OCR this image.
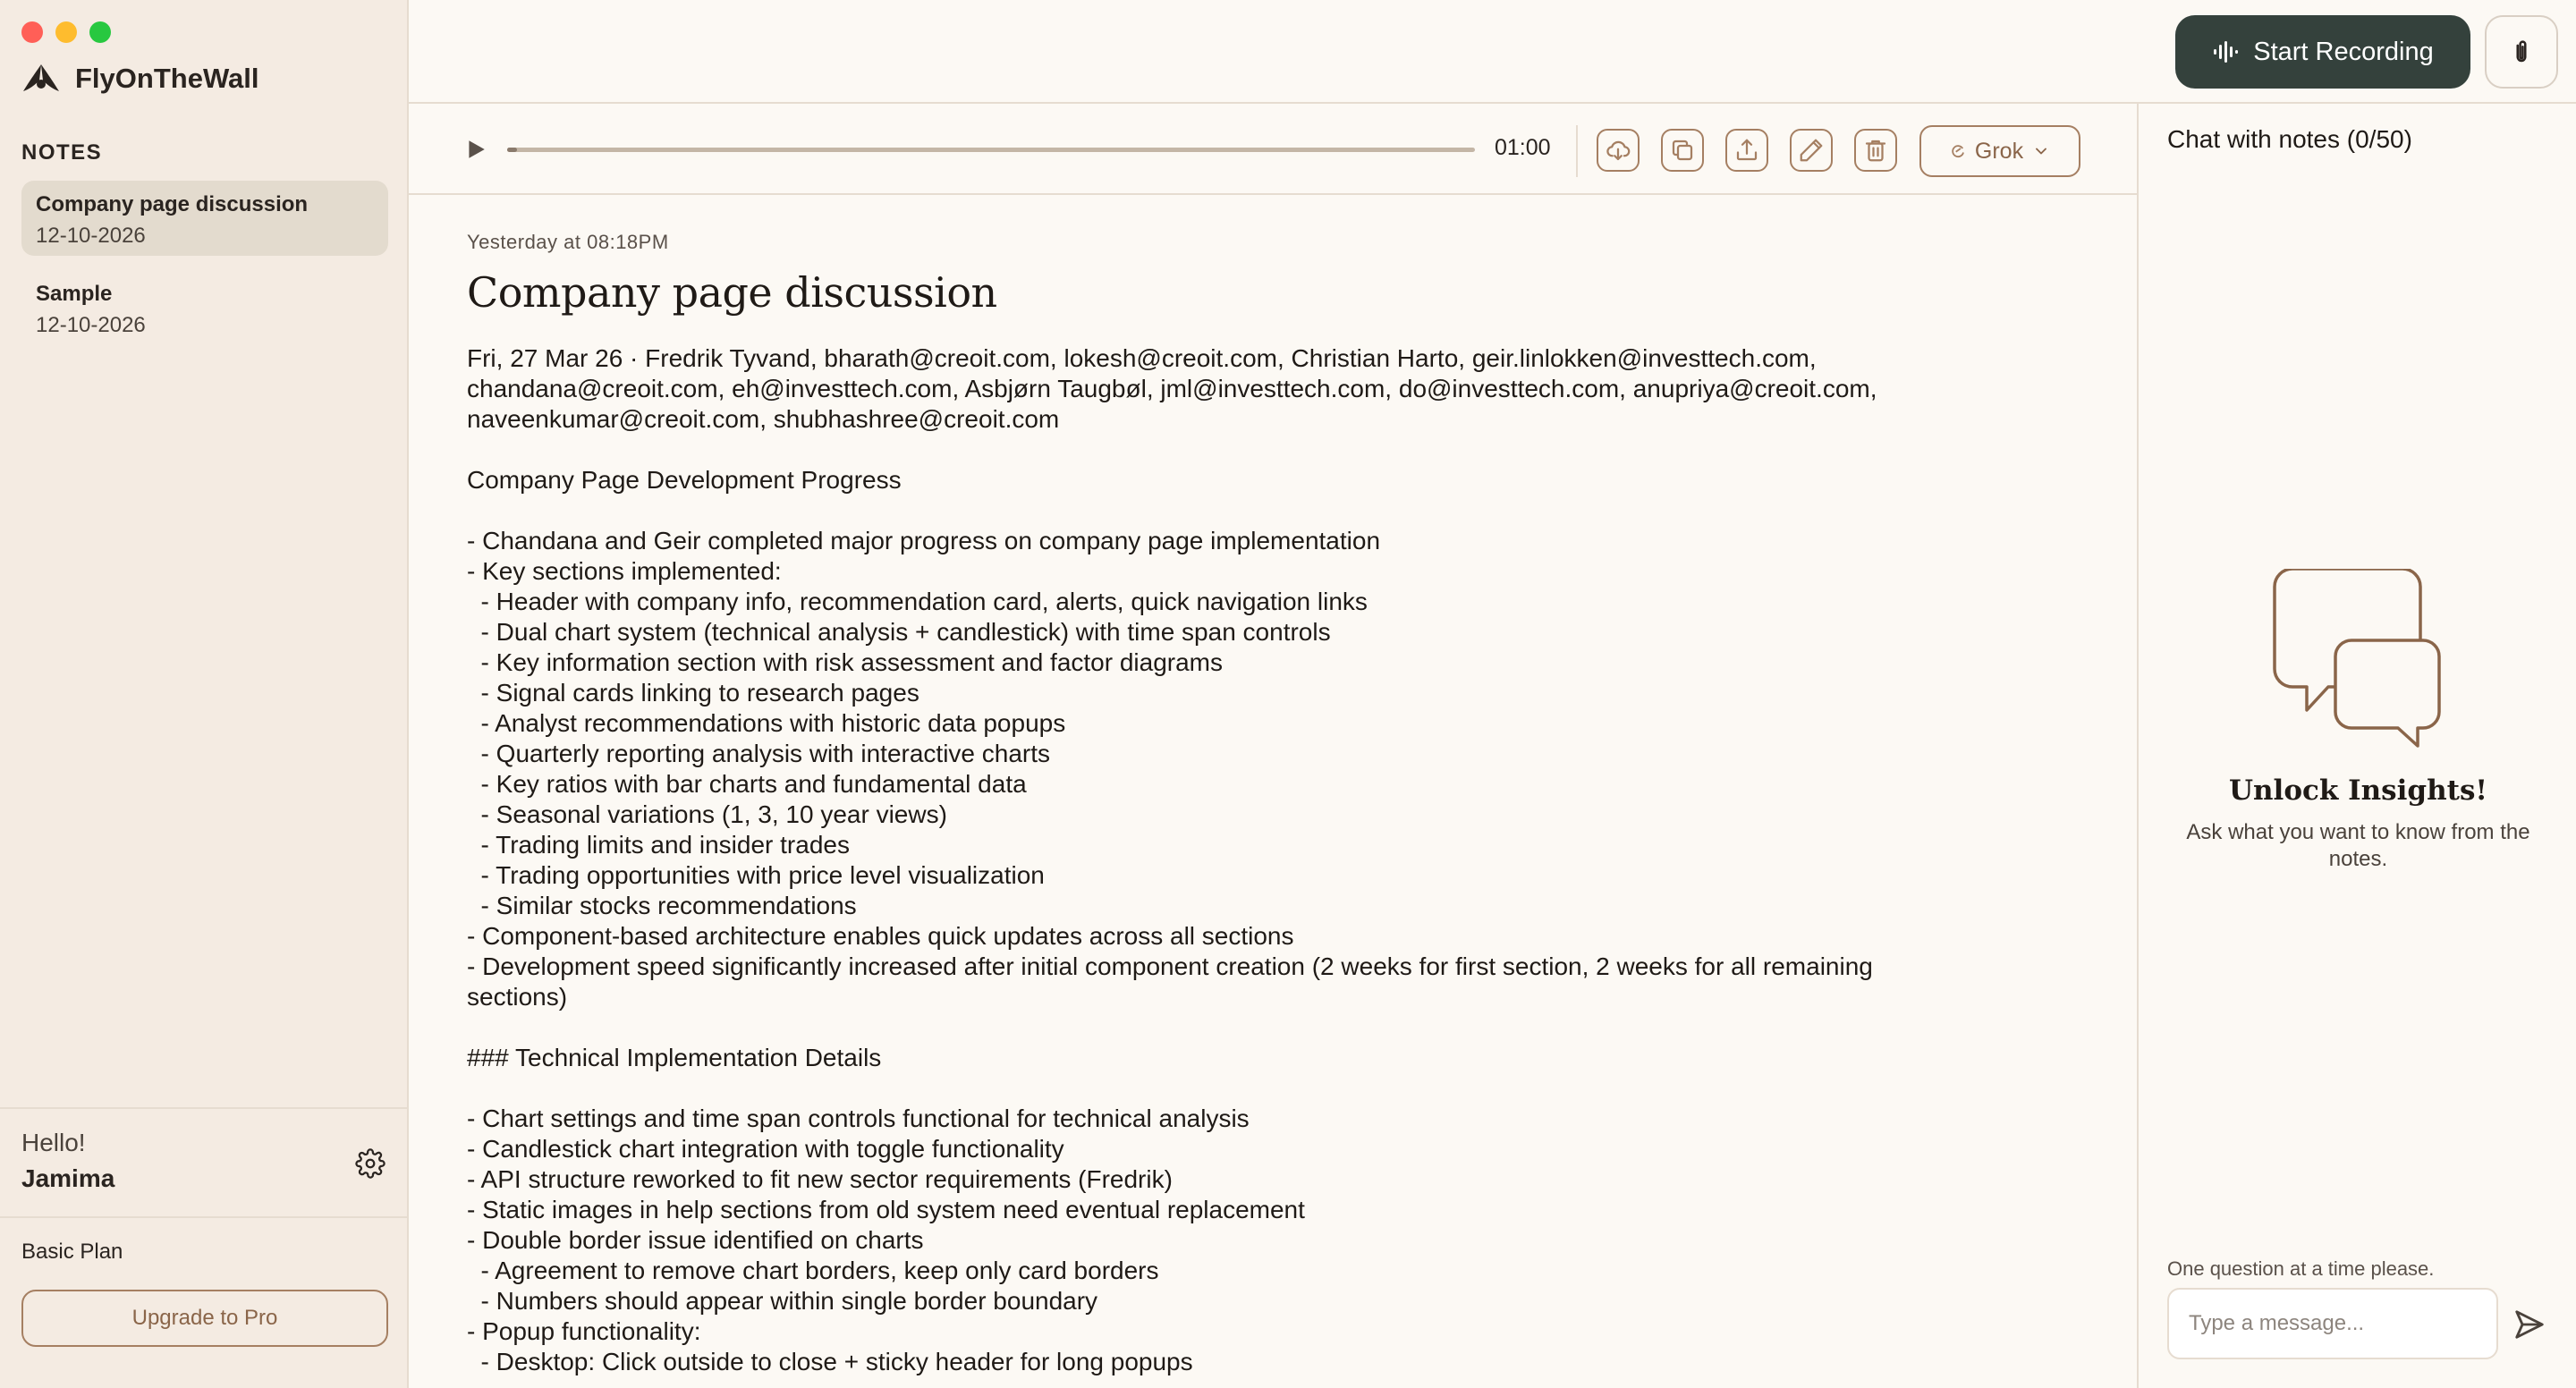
FlyOnTheWall
NOTES
Company page discussion
12-10-2026
Sample
12-10-2026
Hello!
Jamima
Basic Plan
Upgrade to Pro
Start Recording
01:00	Grok
Yesterday at 08:18PM
Company page discussion
Fri, 27 Mar 26 · Fredrik Tyvand, bharath@creoit.com, lokesh@creoit.com, Christian Harto, geir.linlokken@investtech.com,
chandana@creoit.com, eh@investtech.com, Asbjørn Taugbøl, jml@investtech.com, do@investtech.com, anupriya@creoit.com,
naveenkumar@creoit.com, shubhashree@creoit.com
Company Page Development Progress
- Chandana and Geir completed major progress on company page implementation
- Key sections implemented:
- Header with company info, recommendation card, alerts, quick navigation links
- Dual chart system (technical analysis + candlestick) with time span controls
- Key information section with risk assessment and factor diagrams
- Signal cards linking to research pages
- Analyst recommendations with historic data popups
- Quarterly reporting analysis with interactive charts
- Key ratios with bar charts and fundamental data
- Seasonal variations (1, 3, 10 year views)
- Trading limits and insider trades
- Trading opportunities with price level visualization
- Similar stocks recommendations
- Component-based architecture enables quick updates across all sections
- Development speed significantly increased after initial component creation (2 weeks for first section, 2 weeks for all remaining
sections)
### Technical Implementation Details
- Chart settings and time span controls functional for technical analysis
- Candlestick chart integration with toggle functionality
- API structure reworked to fit new sector requirements (Fredrik)
- Static images in help sections from old system need eventual replacement
- Double border issue identified on charts
- Agreement to remove chart borders, keep only card borders
- Numbers should appear within single border boundary
- Popup functionality:
- Desktop: Click outside to close + sticky header for long popups
Chat with notes (0/50)
Unlock Insights!
Ask what you want to know from the notes.
One question at a time please.
Type a message...
